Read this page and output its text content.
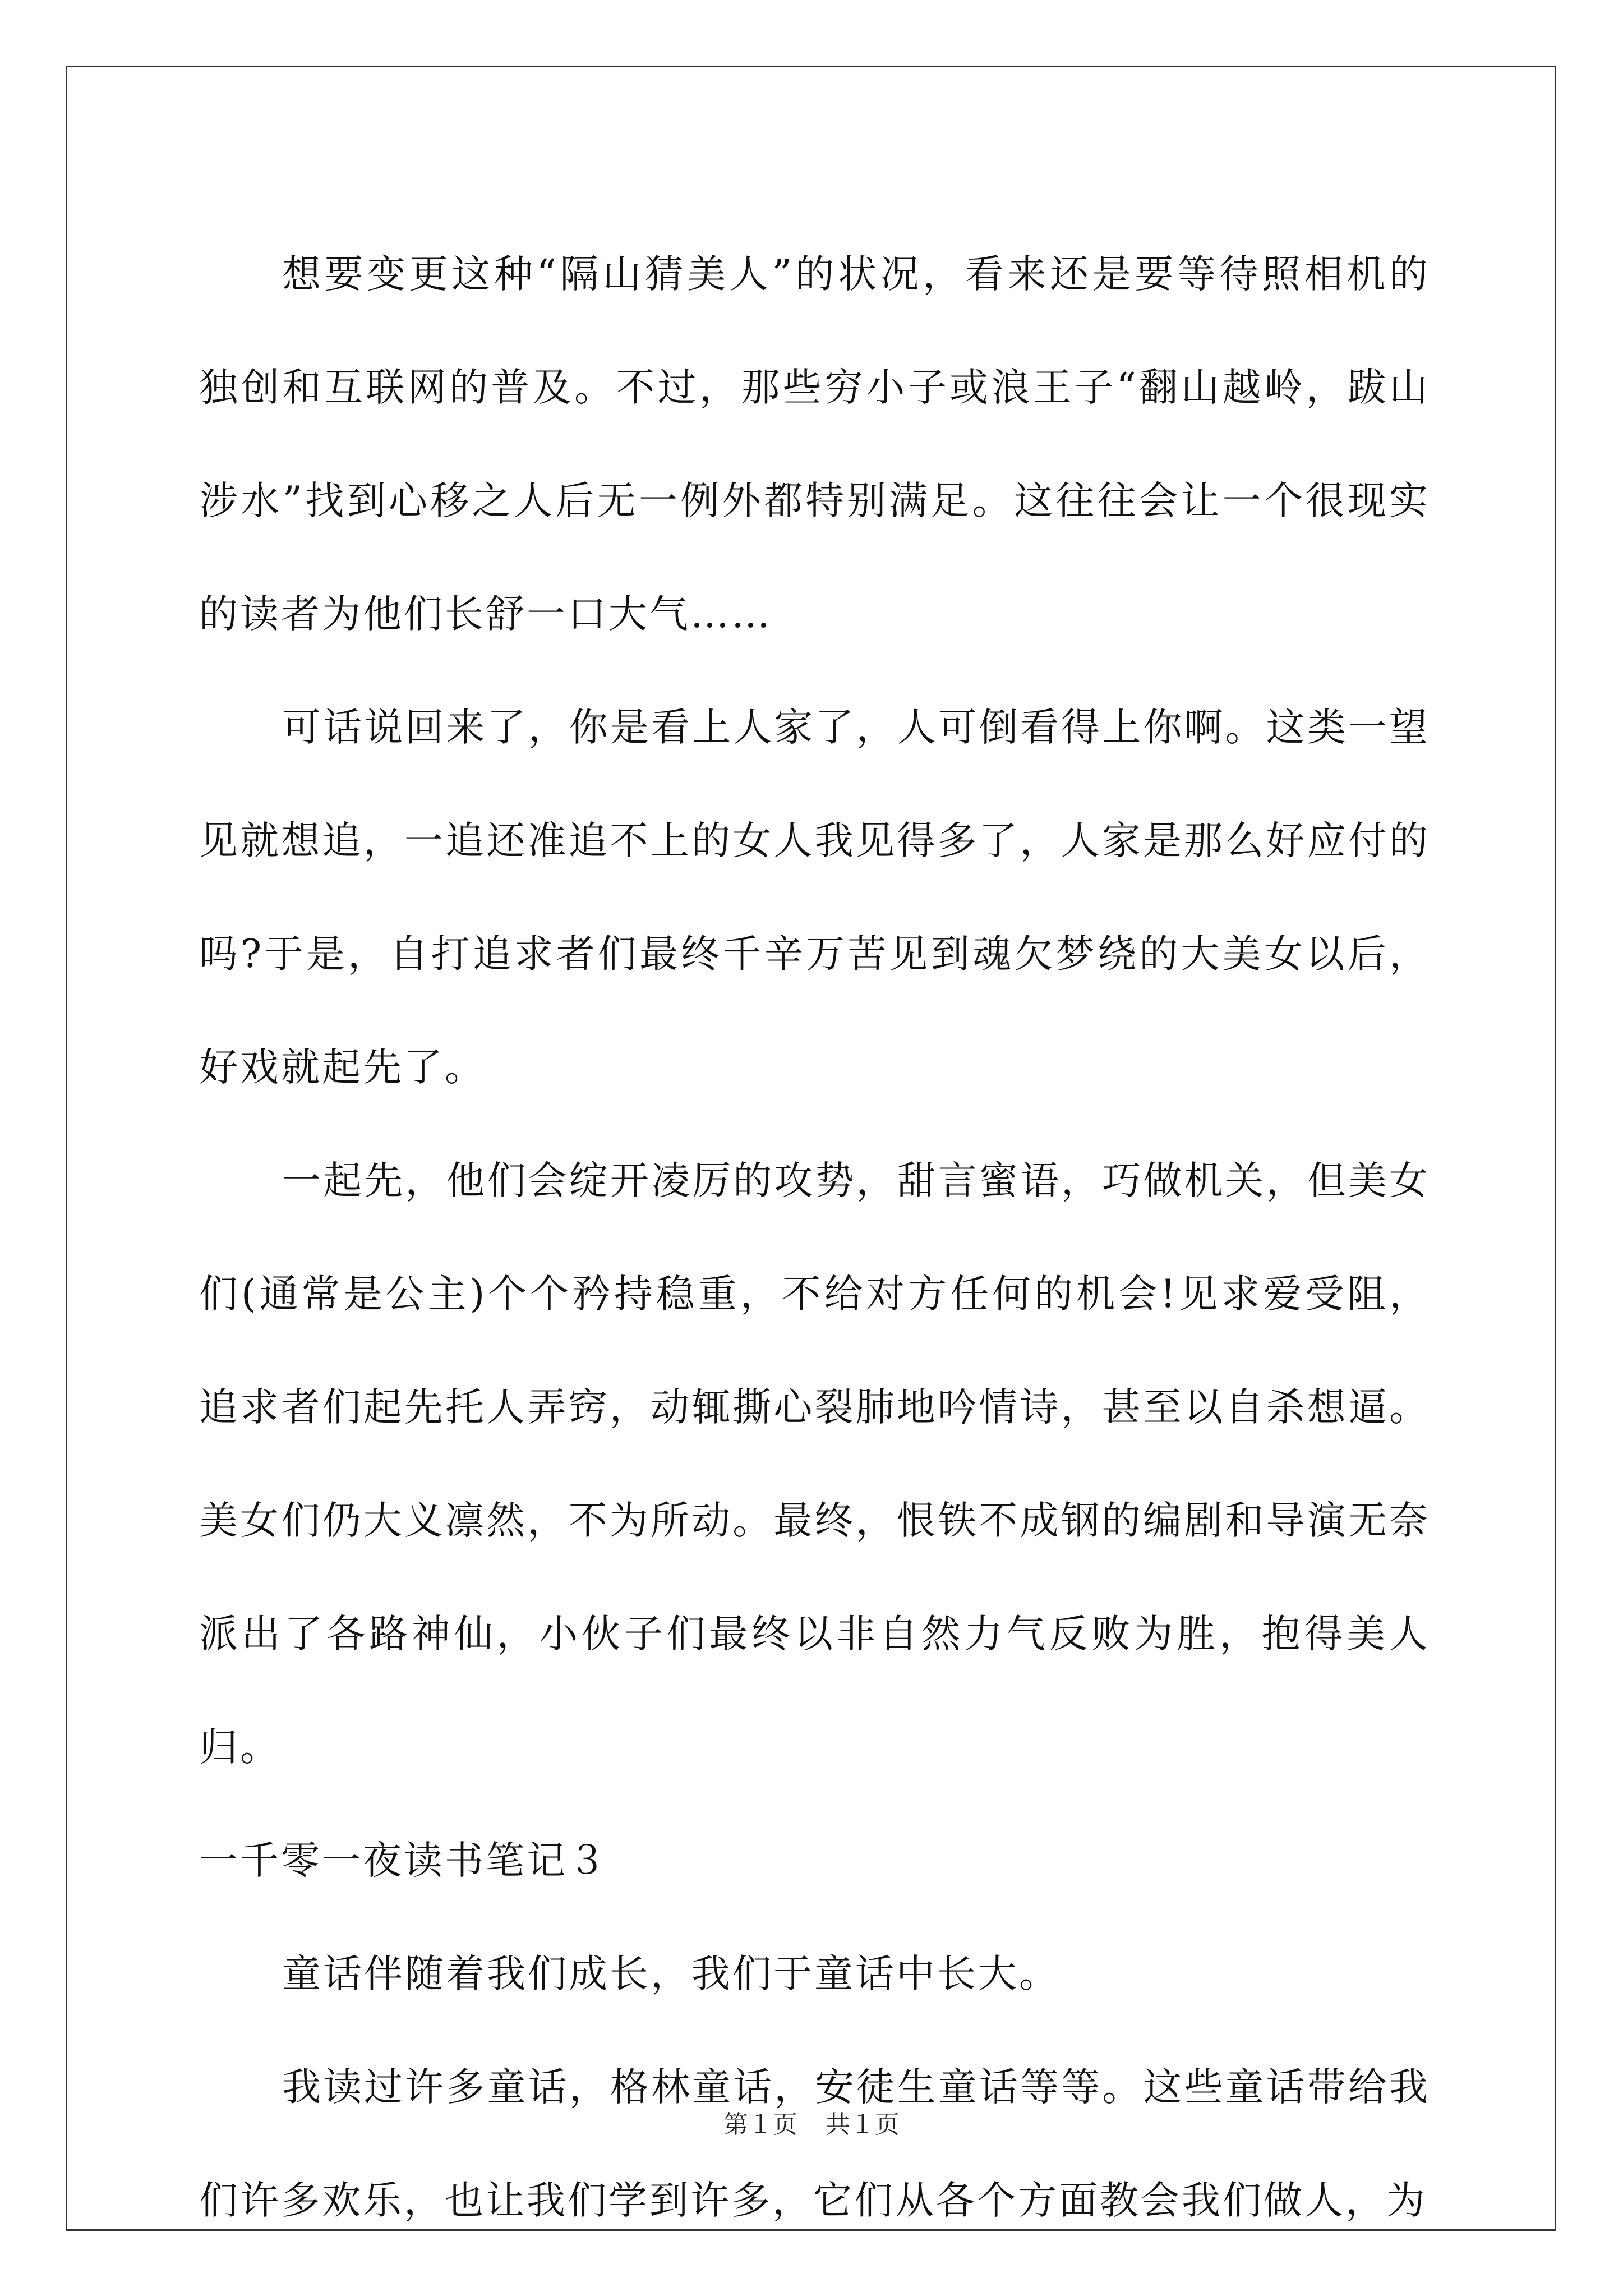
想要变更这种“隔山猜美人”的状况，看来还是要等待照相机的独创和互联网的普及。不过，那些穷小子或浪王子“翻山越岭，跋山涉水”找到心移之人后无一例外都特别满足。这往往会让一个很现实的读者为他们长舒一口大气……

可话说回来了，你是看上人家了，人可倒看得上你啊。这类一望见就想追，一追还准追不上的女人我见得多了，人家是那么好应付的吗?于是，自打追求者们最终千辛万苦见到魂欠梦绕的大美女以后，好戏就起先了。

一起先，他们会绽开凌厉的攻势，甜言蜜语，巧做机关，但美女们(通常是公主)个个矜持稳重，不给对方任何的机会!见求爱受阻，追求者们起先托人弄窍，动辄撕心裂肺地吟情诗，甚至以自杀想逼。美女们仍大义凛然，不为所动。最终，恨铁不成钢的编剧和导演无奈派出了各路神仙，小伙子们最终以非自然力气反败为胜，抱得美人归。

一千零一夜读书笔记３

童话伴随着我们成长，我们于童话中长大。

我读过许多童话，格林童话，安徒生童话等等。这些童话带给我们许多欢乐，也让我们学到许多，它们从各个方面教会我们做人，为

第１页 共１页
